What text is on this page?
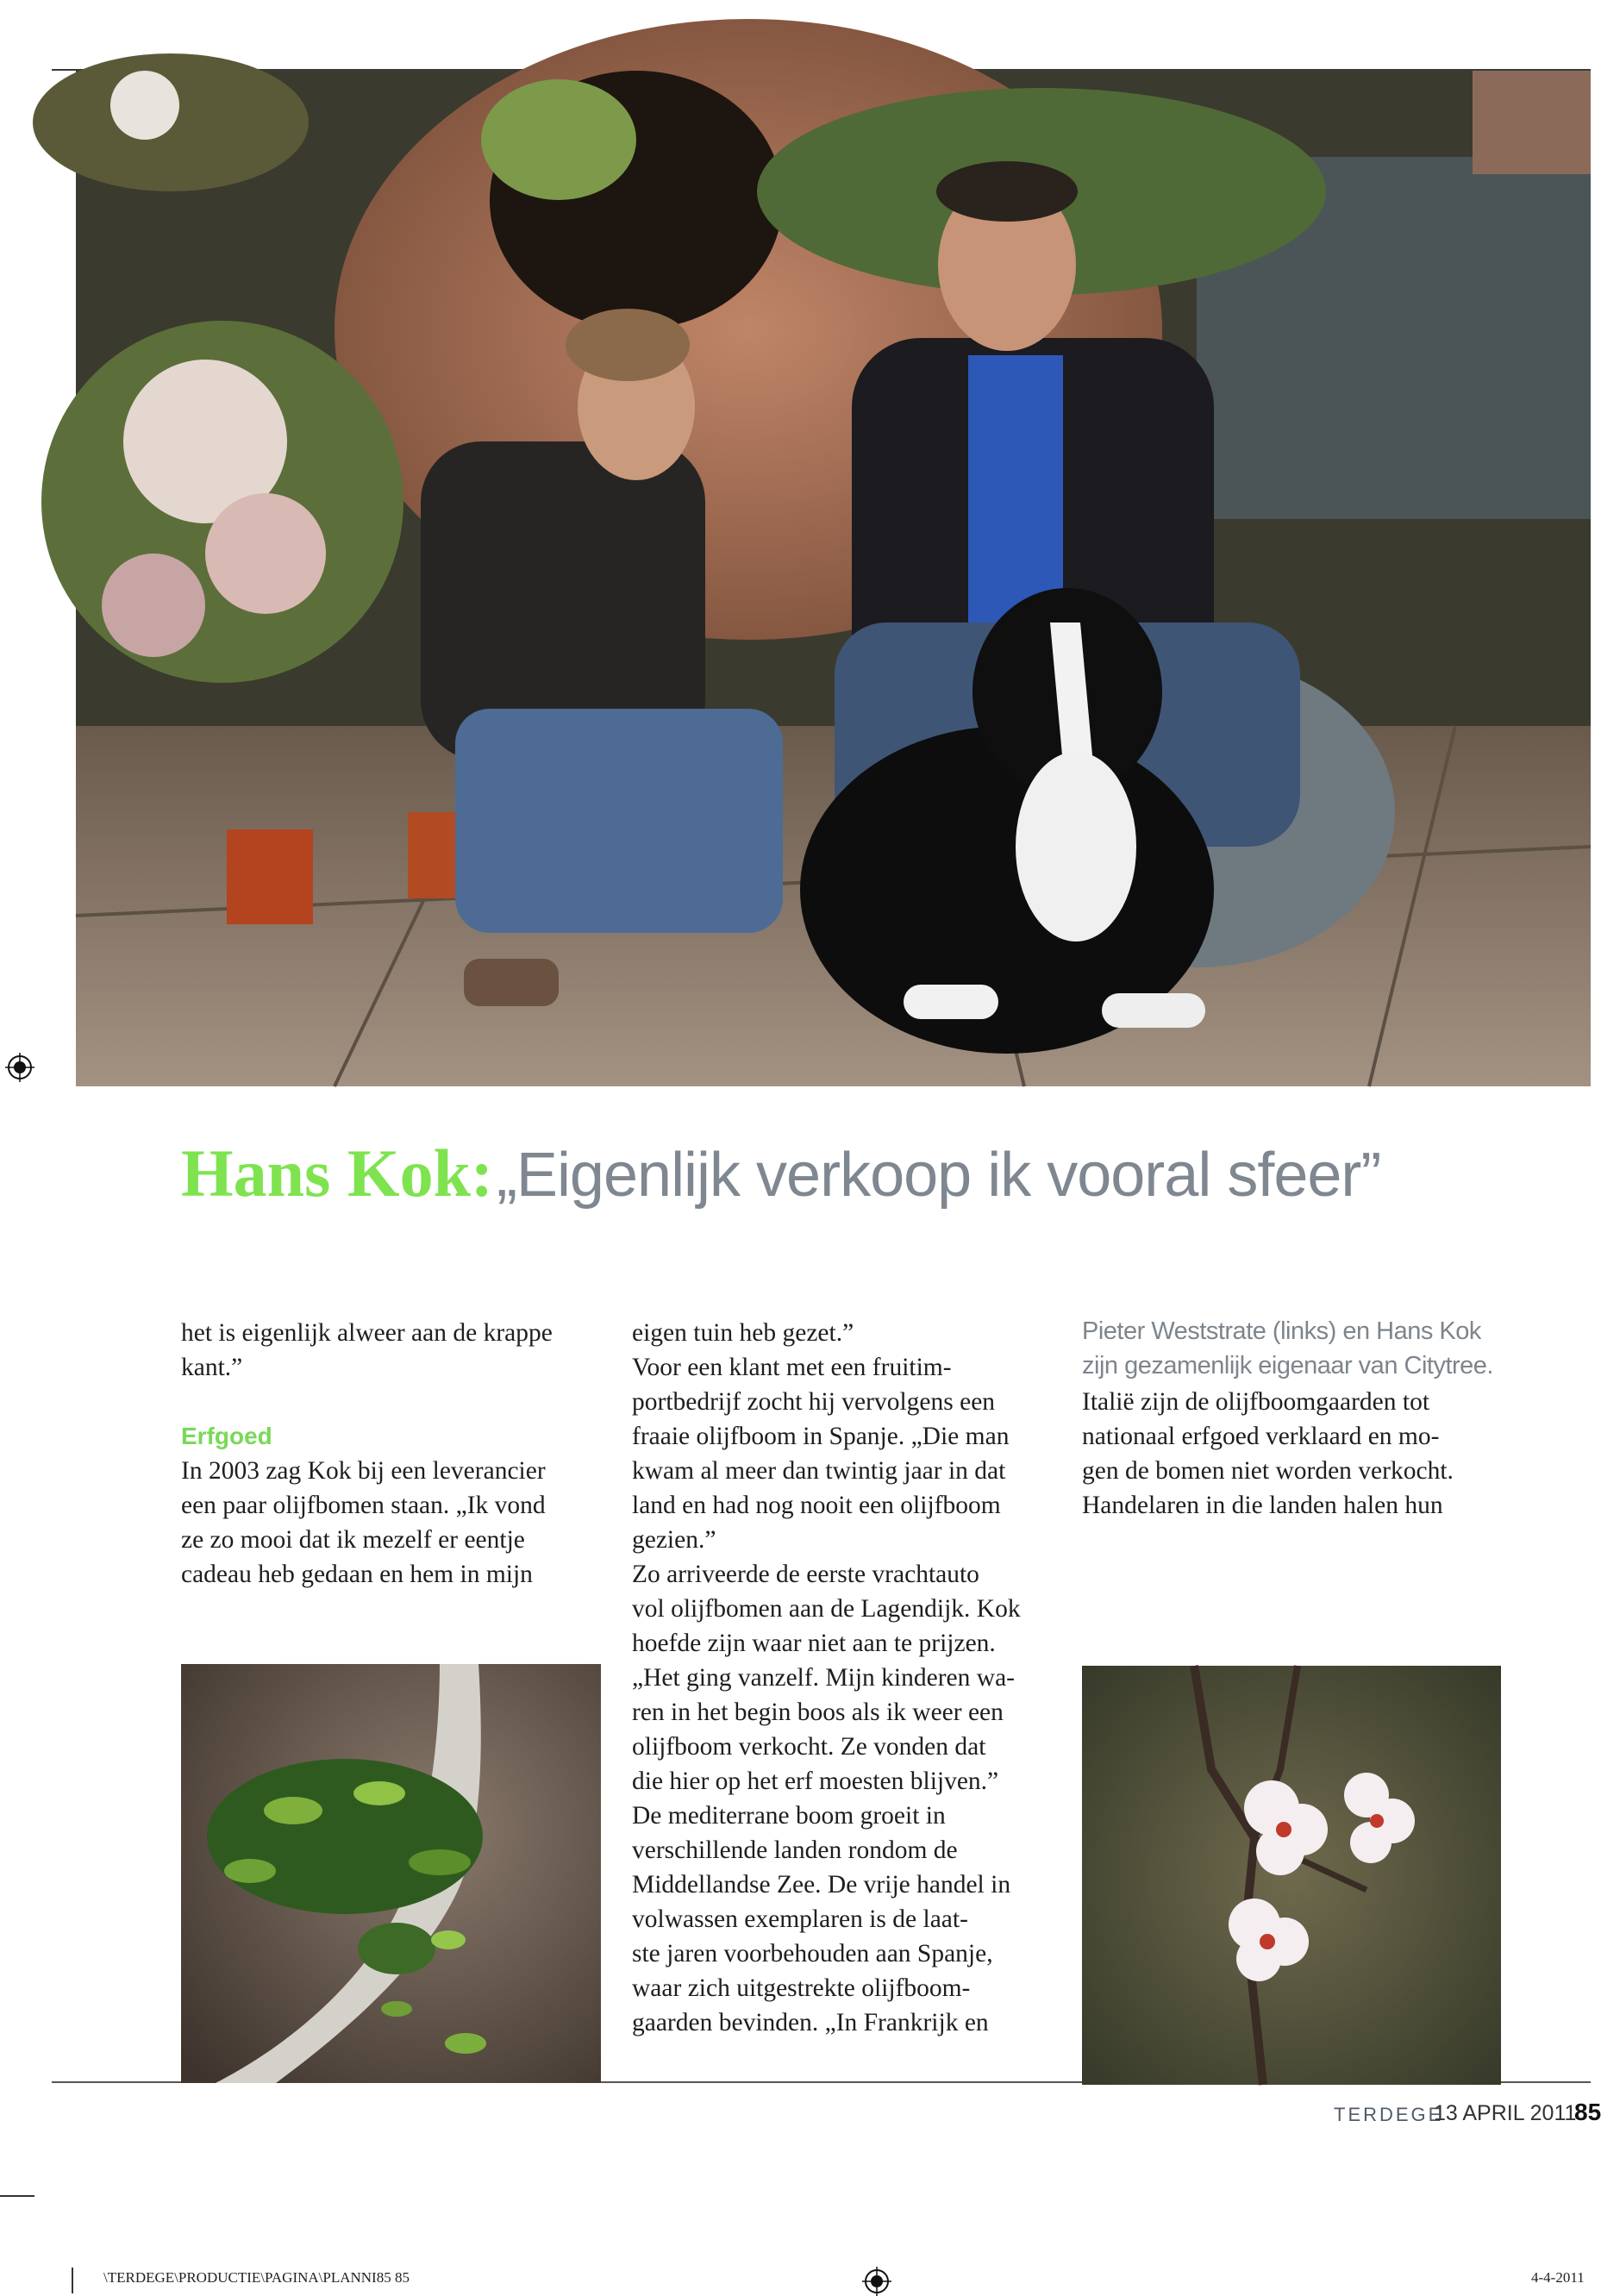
Hans Kok: „Eigenlijk verkoop ik vooral sfeer”

het is eigenlijk alweer aan de krappe

kant.”

Erfgoed

In 2003 zag Kok bij een leverancier

een paar olijfbomen staan. „Ik vond

ze zo mooi dat ik mezelf er eentje

cadeau heb gedaan en hem in mijn

eigen tuin heb gezet.”

Voor een klant met een fruitim-

portbedrijf zocht hij vervolgens een

fraaie olijfboom in Spanje. „Die man

kwam al meer dan twintig jaar in dat

land en had nog nooit een olijfboom

gezien.”

Zo arriveerde de eerste vrachtauto

vol olijfbomen aan de Lagendijk. Kok

hoefde zijn waar niet aan te prijzen.

„Het ging vanzelf. Mijn kinderen wa-

ren in het begin boos als ik weer een

olijfboom verkocht. Ze vonden dat

die hier op het erf moesten blijven.”

De mediterrane boom groeit in

verschillende landen rondom de

Middellandse Zee. De vrije handel in

volwassen exemplaren is de laat-

ste jaren voorbehouden aan Spanje,

waar zich uitgestrekte olijfboom-

gaarden bevinden. „In Frankrijk en

Pieter Weststrate (links) en Hans Kok
zijn gezamenlijk eigenaar van Citytree.

Italië zijn de olijfboomgaarden tot

nationaal erfgoed verklaard en mo-

gen de bomen niet worden verkocht.

Handelaren in die landen halen hun

TERDEGE
13 APRIL 2011
85
\TERDEGE\PRODUCTIE\PAGINA\PLANNI85 85	4-4-2011
